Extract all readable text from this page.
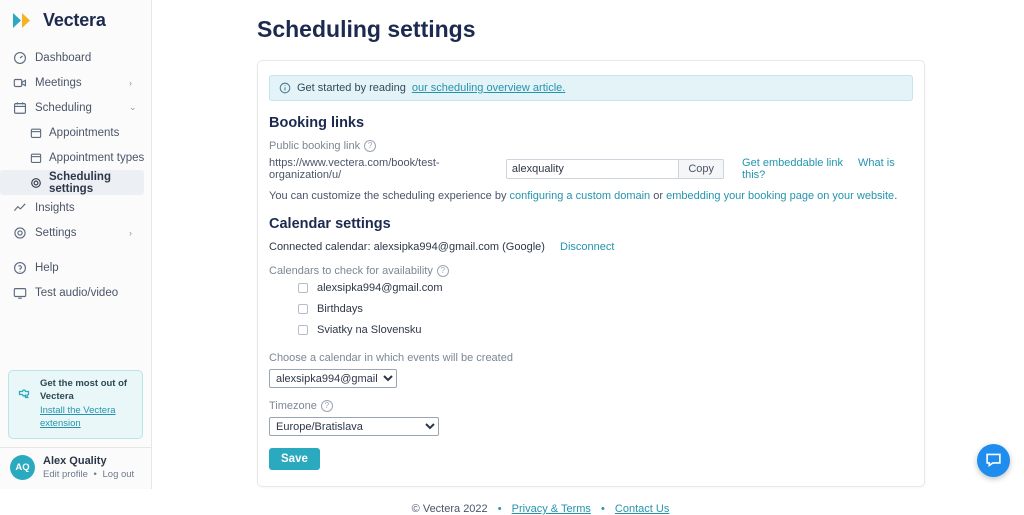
Vectera
Dashboard
Meetings	›
Scheduling	⌄
Appointments
Appointment types
Scheduling settings
Insights
Settings	›
Help
Test audio/video
Get the most out of Vectera
Install the Vectera extension
AQ
Alex Quality
Edit profile • Log out
Scheduling settings
Get started by reading our scheduling overview article.
Booking links
Public booking link ?
https://www.vectera.com/book/test-organization/u/
alexquality	Copy	Get embeddable link What is this?
You can customize the scheduling experience by configuring a custom domain or embedding your booking page on your website.
Calendar settings
Connected calendar: alexsipka994@gmail.com (Google) Disconnect
Calendars to check for availability ?
alexsipka994@gmail.com
Birthdays
Sviatky na Slovensku
Choose a calendar in which events will be created
alexsipka994@gmail.com
Timezone ?
Europe/Bratislava
Save
© Vectera 2022 • Privacy & Terms • Contact Us
